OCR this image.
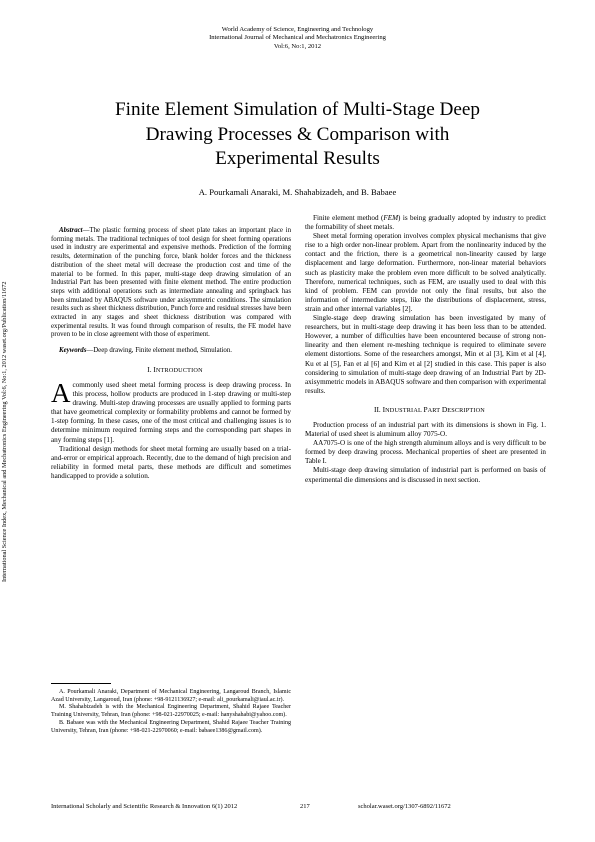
World Academy of Science, Engineering and Technology
International Journal of Mechanical and Mechatronics Engineering
Vol:6, No:1, 2012
International Science Index, Mechanical and Mechatronics Engineering Vol:6, No:1, 2012 waset.org/Publication/11672
Finite Element Simulation of Multi-Stage Deep
Drawing Processes & Comparison with
Experimental Results
A. Pourkamali Anaraki, M. Shahabizadeh, and B. Babaee

Abstract—The plastic forming process of sheet plate takes an important place in forming metals. The traditional techniques of tool design for sheet forming operations used in industry are experimental and expensive methods. Prediction of the forming results, determination of the punching force, blank holder forces and the thickness distribution of the sheet metal will decrease the production cost and time of the material to be formed. In this paper, multi-stage deep drawing simulation of an Industrial Part has been presented with finite element method. The entire production steps with additional operations such as intermediate annealing and springback has been simulated by ABAQUS software under axisymmetric conditions. The simulation results such as sheet thickness distribution, Punch force and residual stresses have been extracted in any stages and sheet thickness distribution was compared with experimental results. It was found through comparison of results, the FE model have proven to be in close agreement with those of experiment.

Keywords—Deep drawing, Finite element method, Simulation.

I. INTRODUCTION

Acommonly used sheet metal forming process is deep drawing process. In this process, hollow products are produced in 1-step drawing or multi-step drawing. Multi-step drawing processes are usually applied to forming parts that have geometrical complexity or formability problems and cannot be formed by 1-step forming. In these cases, one of the most critical and challenging issues is to determine minimum required forming steps and the corresponding part shapes in any forming steps [1].

Traditional design methods for sheet metal forming are usually based on a trial-and-error or empirical approach. Recently, due to the demand of high precision and reliability in formed metal parts, these methods are difficult and sometimes handicapped to provide a solution.

Finite element method (FEM) is being gradually adopted by industry to predict the formability of sheet metals.

Sheet metal forming operation involves complex physical mechanisms that give rise to a high order non-linear problem. Apart from the nonlinearity induced by the contact and the friction, there is a geometrical non-linearity caused by large displacement and large deformation. Furthermore, non-linear material behaviors such as plasticity make the problem even more difficult to be solved analytically. Therefore, numerical techniques, such as FEM, are usually used to deal with this kind of problem. FEM can provide not only the final results, but also the information of intermediate steps, like the distributions of displacement, stress, strain and other internal variables [2].

Single-stage deep drawing simulation has been investigated by many of researchers, but in multi-stage deep drawing it has been less than to be attended. However, a number of difficulties have been encountered because of strong non-linearity and then element re-meshing technique is required to eliminate severe element distortions. Some of the researchers amongst, Min et al [3], Kim et al [4], Ku et al [5], Fan et al [6] and Kim et al [2] studied in this case. This paper is also considering to simulation of multi-stage deep drawing of an Industrial Part by 2D-axisymmetric models in ABAQUS software and then comparison with experimental results.

II. INDUSTRIAL PART DESCRIPTION

Production process of an industrial part with its dimensions is shown in Fig. 1. Material of used sheet is aluminum alloy 7075-O.

AA7075-O is one of the high strength aluminum alloys and is very difficult to be formed by deep drawing process. Mechanical properties of sheet are presented in Table I.

Multi-stage deep drawing simulation of industrial part is performed on basis of experimental die dimensions and is discussed in next section.

A. Pourkamali Anaraki, Department of Mechanical Engineering, Langaroud Branch, Islamic Azad University, Langaroud, Iran (phone: +98-9121136927; e-mail: ali_pourkamali@iaul.ac.ir).

M. Shahabizadeh is with the Mechanical Engineering Department, Shahid Rajaee Teacher Training University, Tehran, Iran (phone: +98-021-22970025; e-mail: hanyshahabi@yahoo.com).

B. Babaee was with the Mechanical Engineering Department, Shahid Rajaee Teacher Training University, Tehran, Iran (phone: +98-021-22970060; e-mail: babaee1386@gmail.com).

International Scholarly and Scientific Research & Innovation 6(1) 2012	217	scholar.waset.org/1307-6892/11672
